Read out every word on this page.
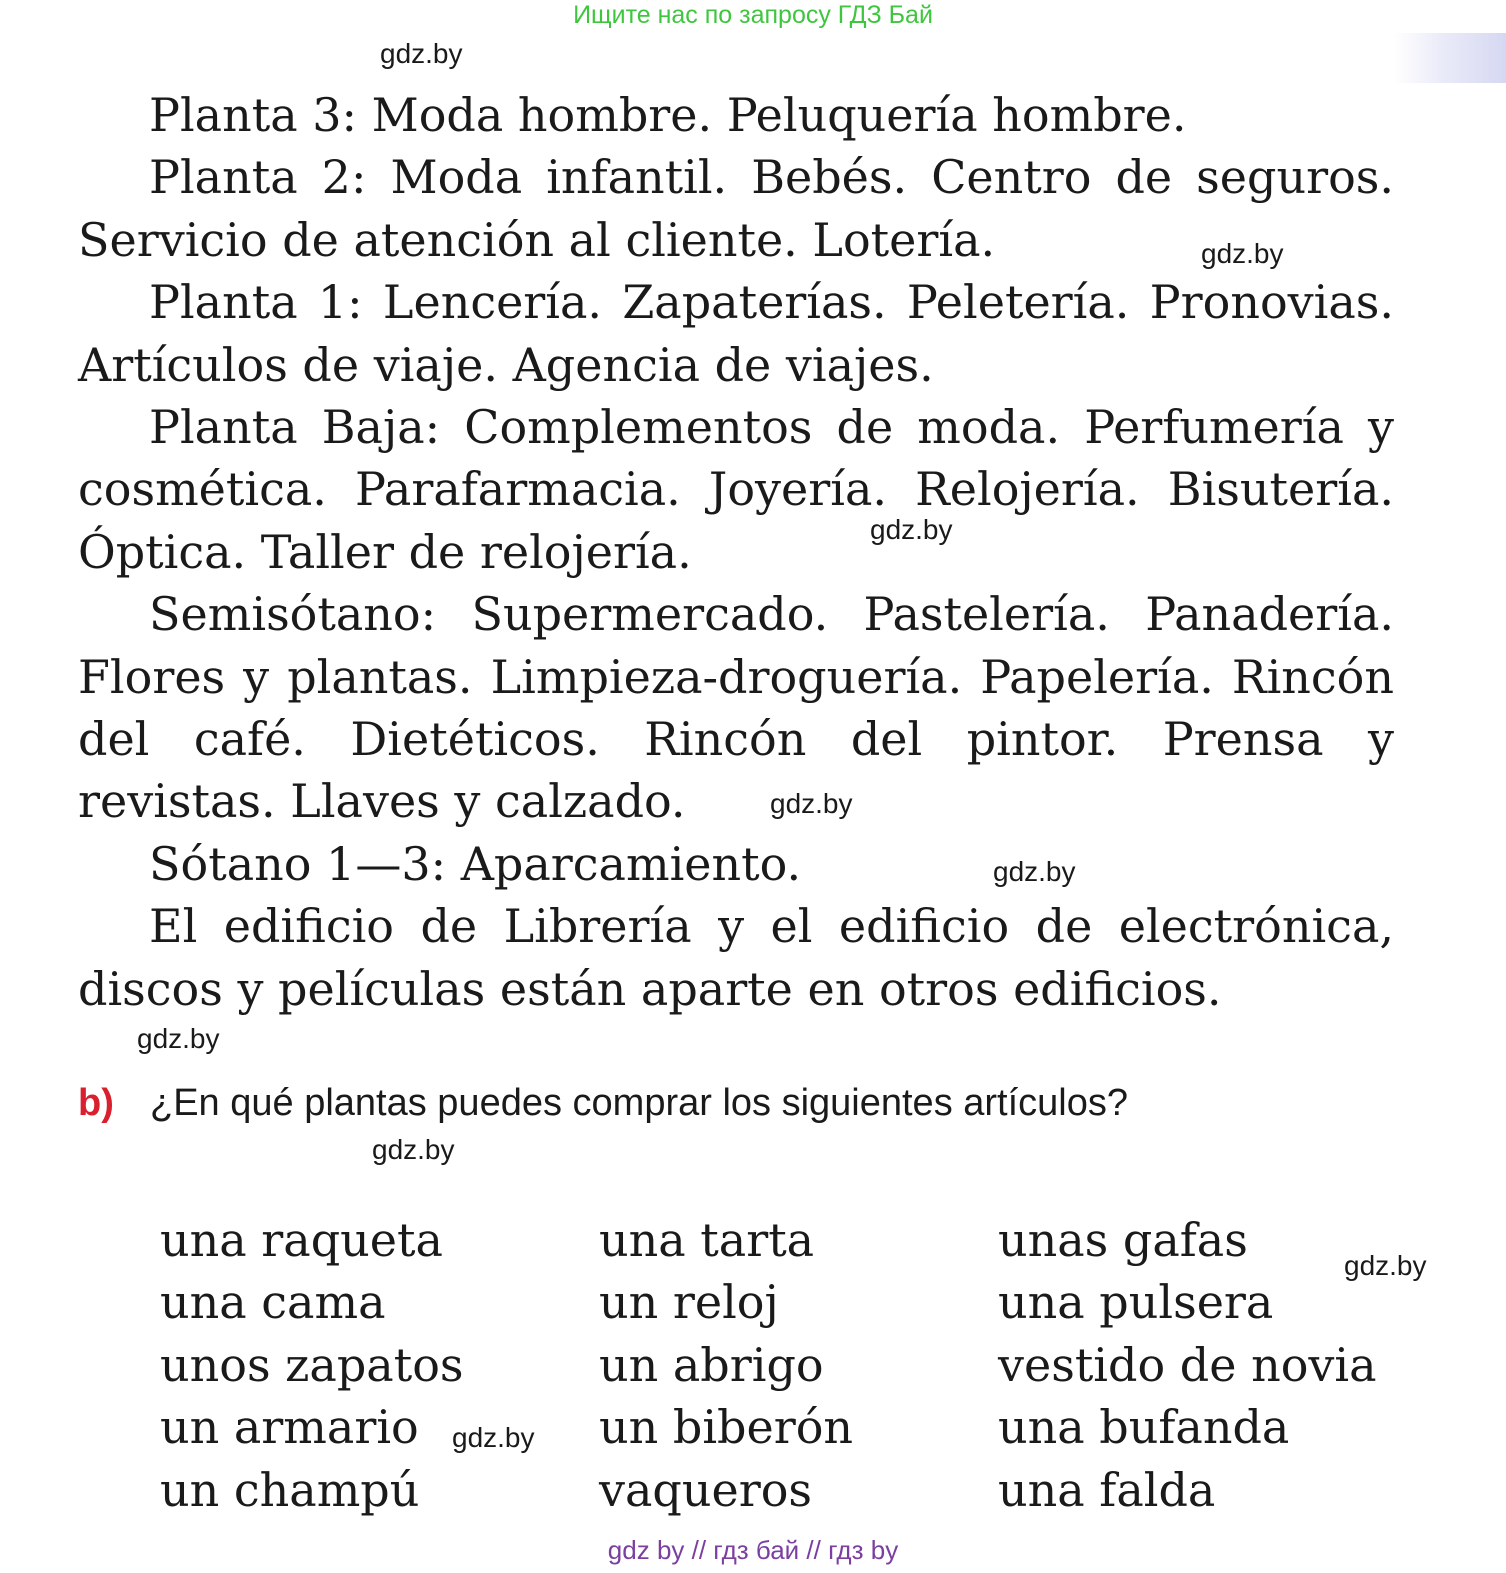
Ищите нас по запросу ГДЗ Бай
gdz.by
gdz.by
gdz.by
gdz.by
gdz.by
gdz.by
gdz.by
gdz.by
gdz.by

Planta 3: Moda hombre. Peluquería hombre.

Planta 2: Moda infantil. Bebés. Centro de seguros. Servicio de atención al cliente. Lotería.

Planta 1: Lencería. Zapaterías. Peletería. Pronovias. Artículos de viaje. Agencia de viajes.

Planta Baja: Complementos de moda. Perfumería y cosmética. Parafarmacia. Joyería. Relojería. Bisutería. Óptica. Taller de relojería.

Semisótano: Supermercado. Pastelería. Panadería. Flores y plantas. Limpieza-droguería. Papelería. Rincón del café. Dietéticos. Rincón del pintor. Prensa y revistas. Llaves y calzado.

Sótano 1—3: Aparcamiento.

El edificio de Librería y el edificio de electrónica, discos y películas están aparte en otros edificios.

b) ¿En qué plantas puedes comprar los siguientes artículos?
una raqueta
una cama
unos zapatos
un armario
un champú
una tarta
un reloj
un abrigo
un biberón
vaqueros
unas gafas
una pulsera
vestido de novia
una bufanda
una falda
gdz by // гдз бай // гдз by
